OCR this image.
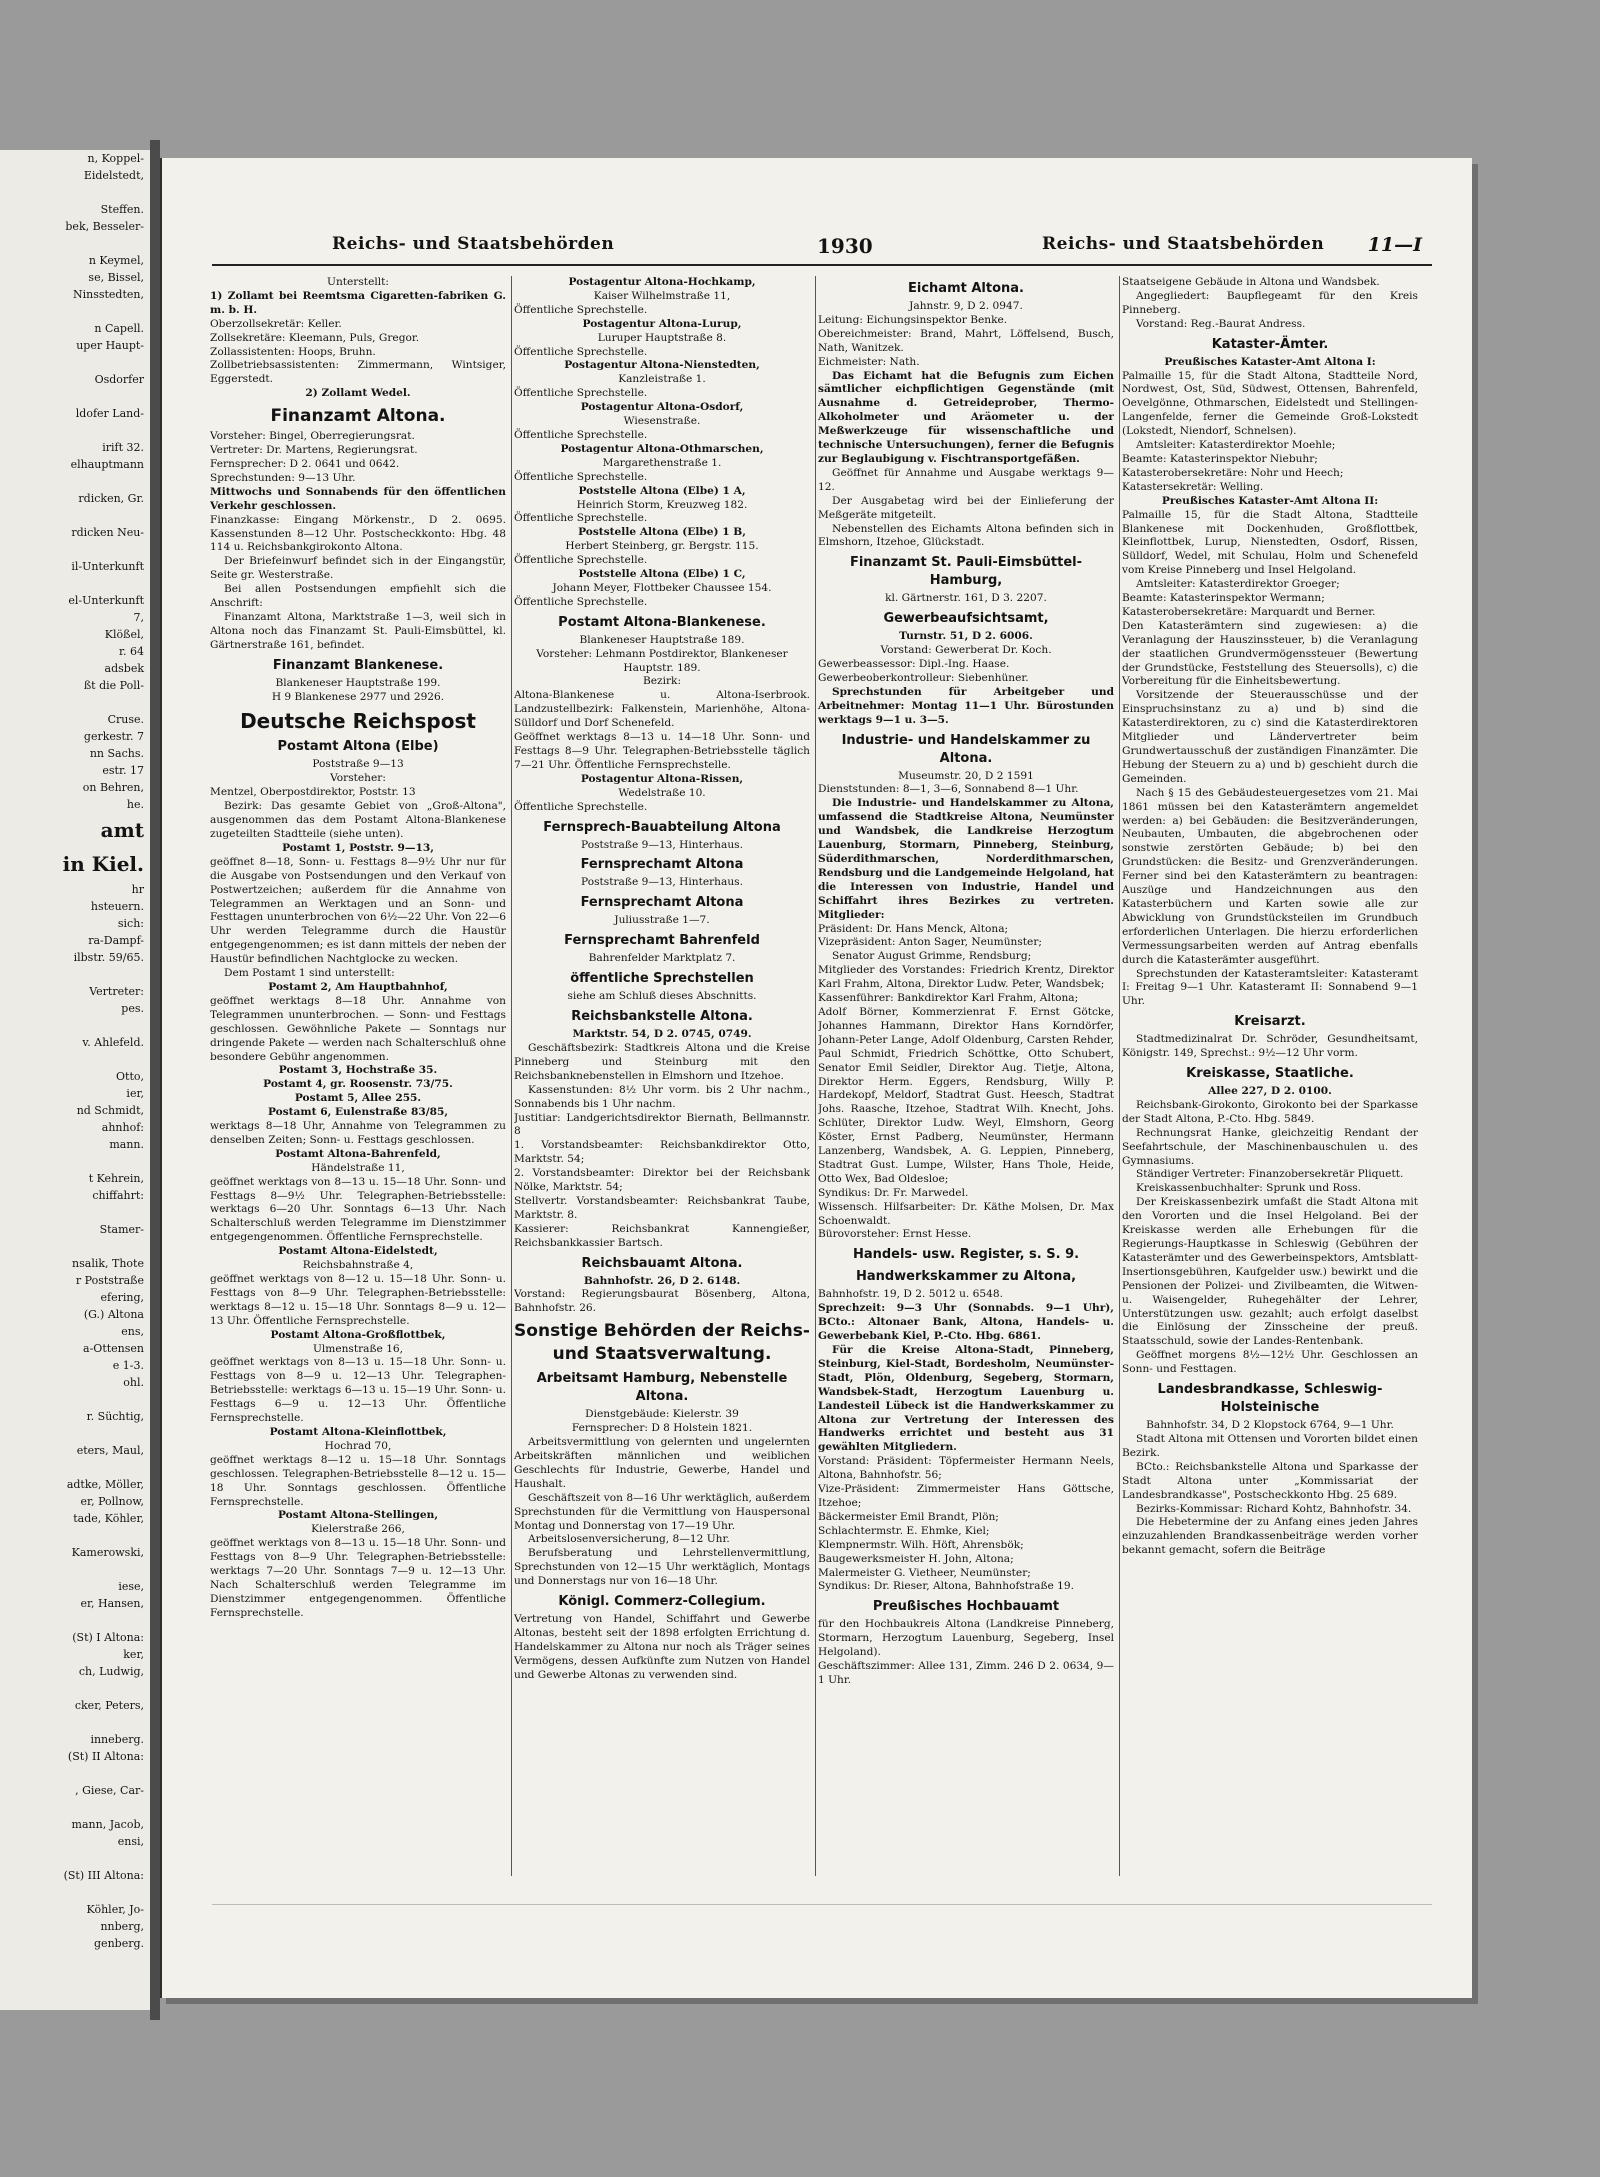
n, Koppel-
Eidelstedt,
Steffen.
bek, Besseler-
n Keymel,
se, Bissel,
Ninsstedten,
n Capell.
uper Haupt-
Osdorfer
ldofer Land-
irift 32.
elhauptmann
rdicken, Gr.
rdicken Neu-
il-Unterkunft
el-Unterkunft
7,
Klößel,
r. 64
adsbek
ßt die Poll-
Cruse.
gerkestr. 7
nn Sachs.
estr. 17
on Behren,
he.
amt
in Kiel.
hr
hsteuern.
sich:
ra-Dampf-
ilbstr. 59/65.
Vertreter:
pes.
v. Ahlefeld.
Otto,
ier,
nd Schmidt,
ahnhof:
mann.
t Kehrein,
chiffahrt:
Stamer-
nsalik, Thote
r Poststraße
efering,
(G.) Altona
ens,
a-Ottensen
e 1-3.
ohl.
r. Süchtig,
eters, Maul,
adtke, Möller,
er, Pollnow,
tade, Köhler,
Kamerowski,
iese,
er, Hansen,
(St) I Altona:
ker,
ch, Ludwig,
cker, Peters,
inneberg.
(St) II Altona:
, Giese, Car-
mann, Jacob,
ensi,
(St) III Altona:
Köhler, Jo-
nnberg,
genberg.
Reichs- und Staatsbehörden	1930	Reichs- und Staatsbehörden 11—I

Unterstellt:

1) Zollamt bei Reemtsma Cigaretten-fabriken G. m. b. H.

Oberzollsekretär: Keller.

Zollsekretäre: Kleemann, Puls, Gregor.

Zollassistenten: Hoops, Bruhn.

Zollbetriebsassistenten: Zimmermann, Wintsiger, Eggerstedt.

2) Zollamt Wedel.

Finanzamt Altona.

Vorsteher: Bingel, Oberregierungsrat.

Vertreter: Dr. Martens, Regierungsrat.

Fernsprecher: D 2. 0641 und 0642.

Sprechstunden: 9—13 Uhr.

Mittwochs und Sonnabends für den öffentlichen Verkehr geschlossen.

Finanzkasse: Eingang Mörkenstr., D 2. 0695. Kassenstunden 8—12 Uhr. Postscheckkonto: Hbg. 48 114 u. Reichsbankgirokonto Altona.

Der Briefeinwurf befindet sich in der Eingangstür, Seite gr. Westerstraße.

Bei allen Postsendungen empfiehlt sich die Anschrift:

Finanzamt Altona, Marktstraße 1—3, weil sich in Altona noch das Finanzamt St. Pauli-Eimsbüttel, kl. Gärtnerstraße 161, befindet.

Finanzamt Blankenese.

Blankeneser Hauptstraße 199.

H 9 Blankenese 2977 und 2926.

Deutsche Reichspost

Postamt Altona (Elbe)

Poststraße 9—13

Vorsteher:

Mentzel, Oberpostdirektor, Poststr. 13

Bezirk: Das gesamte Gebiet von „Groß-Altona", ausgenommen das dem Postamt Altona-Blankenese zugeteilten Stadtteile (siehe unten).

Postamt 1, Poststr. 9—13,

geöffnet 8—18, Sonn- u. Festtags 8—9½ Uhr nur für die Ausgabe von Postsendungen und den Verkauf von Postwertzeichen; außerdem für die Annahme von Telegrammen an Werktagen und an Sonn- und Festtagen ununterbrochen von 6½—22 Uhr. Von 22—6 Uhr werden Telegramme durch die Haustür entgegengenommen; es ist dann mittels der neben der Haustür befindlichen Nachtglocke zu wecken.

Dem Postamt 1 sind unterstellt:

Postamt 2, Am Hauptbahnhof,

geöffnet werktags 8—18 Uhr. Annahme von Telegrammen ununterbrochen. — Sonn- und Festtags geschlossen. Gewöhnliche Pakete — Sonntags nur dringende Pakete — werden nach Schalterschluß ohne besondere Gebühr angenommen.

Postamt 3, Hochstraße 35.

Postamt 4, gr. Roosenstr. 73/75.

Postamt 5, Allee 255.

Postamt 6, Eulenstraße 83/85,

werktags 8—18 Uhr, Annahme von Telegrammen zu denselben Zeiten; Sonn- u. Festtags geschlossen.

Postamt Altona-Bahrenfeld,

Händelstraße 11,

geöffnet werktags von 8—13 u. 15—18 Uhr. Sonn- und Festtags 8—9½ Uhr. Telegraphen-Betriebsstelle: werktags 6—20 Uhr. Sonntags 6—13 Uhr. Nach Schalterschluß werden Telegramme im Dienstzimmer entgegengenommen. Öffentliche Fernsprechstelle.

Postamt Altona-Eidelstedt,

Reichsbahnstraße 4,

geöffnet werktags von 8—12 u. 15—18 Uhr. Sonn- u. Festtags von 8—9 Uhr. Telegraphen-Betriebsstelle: werktags 8—12 u. 15—18 Uhr. Sonntags 8—9 u. 12—13 Uhr. Öffentliche Fernsprechstelle.

Postamt Altona-Großflottbek,

Ulmenstraße 16,

geöffnet werktags von 8—13 u. 15—18 Uhr. Sonn- u. Festtags von 8—9 u. 12—13 Uhr. Telegraphen-Betriebsstelle: werktags 6—13 u. 15—19 Uhr. Sonn- u. Festtags 6—9 u. 12—13 Uhr. Öffentliche Fernsprechstelle.

Postamt Altona-Kleinflottbek,

Hochrad 70,

geöffnet werktags 8—12 u. 15—18 Uhr. Sonntags geschlossen. Telegraphen-Betriebsstelle 8—12 u. 15—18 Uhr. Sonntags geschlossen. Öffentliche Fernsprechstelle.

Postamt Altona-Stellingen,

Kielerstraße 266,

geöffnet werktags von 8—13 u. 15—18 Uhr. Sonn- und Festtags von 8—9 Uhr. Telegraphen-Betriebsstelle: werktags 7—20 Uhr. Sonntags 7—9 u. 12—13 Uhr. Nach Schalterschluß werden Telegramme im Dienstzimmer entgegengenommen. Öffentliche Fernsprechstelle.

Postagentur Altona-Hochkamp,

Kaiser Wilhelmstraße 11,

Öffentliche Sprechstelle.

Postagentur Altona-Lurup,

Luruper Hauptstraße 8.

Öffentliche Sprechstelle.

Postagentur Altona-Nienstedten,

Kanzleistraße 1.

Öffentliche Sprechstelle.

Postagentur Altona-Osdorf,

Wiesenstraße.

Öffentliche Sprechstelle.

Postagentur Altona-Othmarschen,

Margarethenstraße 1.

Öffentliche Sprechstelle.

Poststelle Altona (Elbe) 1 A,

Heinrich Storm, Kreuzweg 182.

Öffentliche Sprechstelle.

Poststelle Altona (Elbe) 1 B,

Herbert Steinberg, gr. Bergstr. 115.

Öffentliche Sprechstelle.

Poststelle Altona (Elbe) 1 C,

Johann Meyer, Flottbeker Chaussee 154.

Öffentliche Sprechstelle.

Postamt Altona-Blankenese.

Blankeneser Hauptstraße 189.

Vorsteher: Lehmann Postdirektor, Blankeneser Hauptstr. 189.

Bezirk:

Altona-Blankenese u. Altona-Iserbrook. Landzustellbezirk: Falkenstein, Marienhöhe, Altona-Sülldorf und Dorf Schenefeld.

Geöffnet werktags 8—13 u. 14—18 Uhr. Sonn- und Festtags 8—9 Uhr. Telegraphen-Betriebsstelle täglich 7—21 Uhr. Öffentliche Fernsprechstelle.

Postagentur Altona-Rissen,

Wedelstraße 10.

Öffentliche Sprechstelle.

Fernsprech-Bauabteilung Altona

Poststraße 9—13, Hinterhaus.

Fernsprechamt Altona

Poststraße 9—13, Hinterhaus.

Fernsprechamt Altona

Juliusstraße 1—7.

Fernsprechamt Bahrenfeld

Bahrenfelder Marktplatz 7.

öffentliche Sprechstellen

siehe am Schluß dieses Abschnitts.

Reichsbankstelle Altona.

Marktstr. 54, D 2. 0745, 0749.

Geschäftsbezirk: Stadtkreis Altona und die Kreise Pinneberg und Steinburg mit den Reichsbanknebenstellen in Elmshorn und Itzehoe.

Kassenstunden: 8½ Uhr vorm. bis 2 Uhr nachm., Sonnabends bis 1 Uhr nachm.

Justitiar: Landgerichtsdirektor Biernath, Bellmannstr. 8

1. Vorstandsbeamter: Reichsbankdirektor Otto, Marktstr. 54;

2. Vorstandsbeamter: Direktor bei der Reichsbank Nölke, Marktstr. 54;

Stellvertr. Vorstandsbeamter: Reichsbankrat Taube, Marktstr. 8.

Kassierer: Reichsbankrat Kannengießer, Reichsbankkassier Bartsch.

Reichsbauamt Altona.

Bahnhofstr. 26, D 2. 6148.

Vorstand: Regierungsbaurat Bösenberg, Altona, Bahnhofstr. 26.

Sonstige Behörden der Reichs- und Staatsverwaltung.

Arbeitsamt Hamburg, Nebenstelle Altona.

Dienstgebäude: Kielerstr. 39

Fernsprecher: D 8 Holstein 1821.

Arbeitsvermittlung von gelernten und ungelernten Arbeitskräften männlichen und weiblichen Geschlechts für Industrie, Gewerbe, Handel und Haushalt.

Geschäftszeit von 8—16 Uhr werktäglich, außerdem Sprechstunden für die Vermittlung von Hauspersonal Montag und Donnerstag von 17—19 Uhr.

Arbeitslosenversicherung, 8—12 Uhr.

Berufsberatung und Lehrstellenvermittlung, Sprechstunden von 12—15 Uhr werktäglich, Montags und Donnerstags nur von 16—18 Uhr.

Königl. Commerz-Collegium.

Vertretung von Handel, Schiffahrt und Gewerbe Altonas, besteht seit der 1898 erfolgten Errichtung d. Handelskammer zu Altona nur noch als Träger seines Vermögens, dessen Aufkünfte zum Nutzen von Handel und Gewerbe Altonas zu verwenden sind.

Eichamt Altona.

Jahnstr. 9, D 2. 0947.

Leitung: Eichungsinspektor Benke.

Obereichmeister: Brand, Mahrt, Löffelsend, Busch, Nath, Wanitzek.

Eichmeister: Nath.

Das Eichamt hat die Befugnis zum Eichen sämtlicher eichpflichtigen Gegenstände (mit Ausnahme d. Getreideprober, Thermo-Alkoholmeter und Aräometer u. der Meßwerkzeuge für wissenschaftliche und technische Untersuchungen), ferner die Befugnis zur Beglaubigung v. Fischtransportgefäßen.

Geöffnet für Annahme und Ausgabe werktags 9—12.

Der Ausgabetag wird bei der Einlieferung der Meßgeräte mitgeteilt.

Nebenstellen des Eichamts Altona befinden sich in Elmshorn, Itzehoe, Glückstadt.

Finanzamt St. Pauli-Eimsbüttel-Hamburg,

kl. Gärtnerstr. 161, D 3. 2207.

Gewerbeaufsichtsamt,

Turnstr. 51, D 2. 6006.

Vorstand: Gewerberat Dr. Koch.

Gewerbeassessor: Dipl.-Ing. Haase.

Gewerbeoberkontrolleur: Siebenhüner.

Sprechstunden für Arbeitgeber und Arbeitnehmer: Montag 11—1 Uhr. Bürostunden werktags 9—1 u. 3—5.

Industrie- und Handelskammer zu Altona.

Museumstr. 20, D 2 1591

Dienststunden: 8—1, 3—6, Sonnabend 8—1 Uhr.

Die Industrie- und Handelskammer zu Altona, umfassend die Stadtkreise Altona, Neumünster und Wandsbek, die Landkreise Herzogtum Lauenburg, Stormarn, Pinneberg, Steinburg, Süderdithmarschen, Norderdithmarschen, Rendsburg und die Landgemeinde Helgoland, hat die Interessen von Industrie, Handel und Schiffahrt ihres Bezirkes zu vertreten. Mitglieder:

Präsident: Dr. Hans Menck, Altona;

Vizepräsident: Anton Sager, Neumünster;

Senator August Grimme, Rendsburg;

Mitglieder des Vorstandes: Friedrich Krentz, Direktor Karl Frahm, Altona, Direktor Ludw. Peter, Wandsbek;

Kassenführer: Bankdirektor Karl Frahm, Altona;

Adolf Börner, Kommerzienrat F. Ernst Götcke, Johannes Hammann, Direktor Hans Korndörfer, Johann-Peter Lange, Adolf Oldenburg, Carsten Rehder, Paul Schmidt, Friedrich Schöttke, Otto Schubert, Senator Emil Seidler, Direktor Aug. Tietje, Altona, Direktor Herm. Eggers, Rendsburg, Willy P. Hardekopf, Meldorf, Stadtrat Gust. Heesch, Stadtrat Johs. Raasche, Itzehoe, Stadtrat Wilh. Knecht, Johs. Schlüter, Direktor Ludw. Weyl, Elmshorn, Georg Köster, Ernst Padberg, Neumünster, Hermann Lanzenberg, Wandsbek, A. G. Leppien, Pinneberg, Stadtrat Gust. Lumpe, Wilster, Hans Thole, Heide, Otto Wex, Bad Oldesloe;

Syndikus: Dr. Fr. Marwedel.

Wissensch. Hilfsarbeiter: Dr. Käthe Molsen, Dr. Max Schoenwaldt.

Bürovorsteher: Ernst Hesse.

Handels- usw. Register, s. S. 9.

Handwerkskammer zu Altona,

Bahnhofstr. 19, D 2. 5012 u. 6548.

Sprechzeit: 9—3 Uhr (Sonnabds. 9—1 Uhr), BCto.: Altonaer Bank, Altona, Handels- u. Gewerbebank Kiel, P.-Cto. Hbg. 6861.

Für die Kreise Altona-Stadt, Pinneberg, Steinburg, Kiel-Stadt, Bordesholm, Neumünster-Stadt, Plön, Oldenburg, Segeberg, Stormarn, Wandsbek-Stadt, Herzogtum Lauenburg u. Landesteil Lübeck ist die Handwerkskammer zu Altona zur Vertretung der Interessen des Handwerks errichtet und besteht aus 31 gewählten Mitgliedern.

Vorstand: Präsident: Töpfermeister Hermann Neels, Altona, Bahnhofstr. 56;

Vize-Präsident: Zimmermeister Hans Göttsche, Itzehoe;

Bäckermeister Emil Brandt, Plön;

Schlachtermstr. E. Ehmke, Kiel;

Klempnermstr. Wilh. Höft, Ahrensbök;

Baugewerksmeister H. John, Altona;

Malermeister G. Vietheer, Neumünster;

Syndikus: Dr. Rieser, Altona, Bahnhofstraße 19.

Preußisches Hochbauamt

für den Hochbaukreis Altona (Landkreise Pinneberg, Stormarn, Herzogtum Lauenburg, Segeberg, Insel Helgoland).

Geschäftszimmer: Allee 131, Zimm. 246 D 2. 0634, 9—1 Uhr.

Staatseigene Gebäude in Altona und Wandsbek.

Angegliedert: Baupflegeamt für den Kreis Pinneberg.

Vorstand: Reg.-Baurat Andress.

Kataster-Ämter.

Preußisches Kataster-Amt Altona I:

Palmaille 15, für die Stadt Altona, Stadtteile Nord, Nordwest, Ost, Süd, Südwest, Ottensen, Bahrenfeld, Oevelgönne, Othmarschen, Eidelstedt und Stellingen-Langenfelde, ferner die Gemeinde Groß-Lokstedt (Lokstedt, Niendorf, Schnelsen).

Amtsleiter: Katasterdirektor Moehle;

Beamte: Katasterinspektor Niebuhr;

Katasterobersekretäre: Nohr und Heech;

Katastersekretär: Welling.

Preußisches Kataster-Amt Altona II:

Palmaille 15, für die Stadt Altona, Stadtteile Blankenese mit Dockenhuden, Großflottbek, Kleinflottbek, Lurup, Nienstedten, Osdorf, Rissen, Sülldorf, Wedel, mit Schulau, Holm und Schenefeld vom Kreise Pinneberg und Insel Helgoland.

Amtsleiter: Katasterdirektor Groeger;

Beamte: Katasterinspektor Wermann;

Katasterobersekretäre: Marquardt und Berner.

Den Katasterämtern sind zugewiesen: a) die Veranlagung der Hauszinssteuer, b) die Veranlagung der staatlichen Grundvermögenssteuer (Bewertung der Grundstücke, Feststellung des Steuersolls), c) die Vorbereitung für die Einheitsbewertung.

Vorsitzende der Steuerausschüsse und der Einspruchsinstanz zu a) und b) sind die Katasterdirektoren, zu c) sind die Katasterdirektoren Mitglieder und Ländervertreter beim Grundwertausschuß der zuständigen Finanzämter. Die Hebung der Steuern zu a) und b) geschieht durch die Gemeinden.

Nach § 15 des Gebäudesteuergesetzes vom 21. Mai 1861 müssen bei den Katasterämtern angemeldet werden: a) bei Gebäuden: die Besitzveränderungen, Neubauten, Umbauten, die abgebrochenen oder sonstwie zerstörten Gebäude; b) bei den Grundstücken: die Besitz- und Grenzveränderungen. Ferner sind bei den Katasterämtern zu beantragen: Auszüge und Handzeichnungen aus den Katasterbüchern und Karten sowie alle zur Abwicklung von Grundstücksteilen im Grundbuch erforderlichen Unterlagen. Die hierzu erforderlichen Vermessungsarbeiten werden auf Antrag ebenfalls durch die Katasterämter ausgeführt.

Sprechstunden der Katasteramtsleiter: Katasteramt I: Freitag 9—1 Uhr. Katasteramt II: Sonnabend 9—1 Uhr.

Kreisarzt.

Stadtmedizinalrat Dr. Schröder, Gesundheitsamt, Königstr. 149, Sprechst.: 9½—12 Uhr vorm.

Kreiskasse, Staatliche.

Allee 227, D 2. 0100.

Reichsbank-Girokonto, Girokonto bei der Sparkasse der Stadt Altona, P.-Cto. Hbg. 5849.

Rechnungsrat Hanke, gleichzeitig Rendant der Seefahrtschule, der Maschinenbauschulen u. des Gymnasiums.

Ständiger Vertreter: Finanzobersekretär Pliquett.

Kreiskassenbuchhalter: Sprunk und Ross.

Der Kreiskassenbezirk umfaßt die Stadt Altona mit den Vororten und die Insel Helgoland. Bei der Kreiskasse werden alle Erhebungen für die Regierungs-Hauptkasse in Schleswig (Gebühren der Katasterämter und des Gewerbeinspektors, Amtsblatt-Insertionsgebühren, Kaufgelder usw.) bewirkt und die Pensionen der Polizei- und Zivilbeamten, die Witwen- u. Waisengelder, Ruhegehälter der Lehrer, Unterstützungen usw. gezahlt; auch erfolgt daselbst die Einlösung der Zinsscheine der preuß. Staatsschuld, sowie der Landes-Rentenbank.

Geöffnet morgens 8½—12½ Uhr. Geschlossen an Sonn- und Festtagen.

Landesbrandkasse, Schleswig-Holsteinische

Bahnhofstr. 34, D 2 Klopstock 6764, 9—1 Uhr.

Stadt Altona mit Ottensen und Vororten bildet einen Bezirk.

BCto.: Reichsbankstelle Altona und Sparkasse der Stadt Altona unter „Kommissariat der Landesbrandkasse", Postscheckkonto Hbg. 25 689.

Bezirks-Kommissar: Richard Kohtz, Bahnhofstr. 34.

Die Hebetermine der zu Anfang eines jeden Jahres einzuzahlenden Brandkassenbeiträge werden vorher bekannt gemacht, sofern die Beiträge
